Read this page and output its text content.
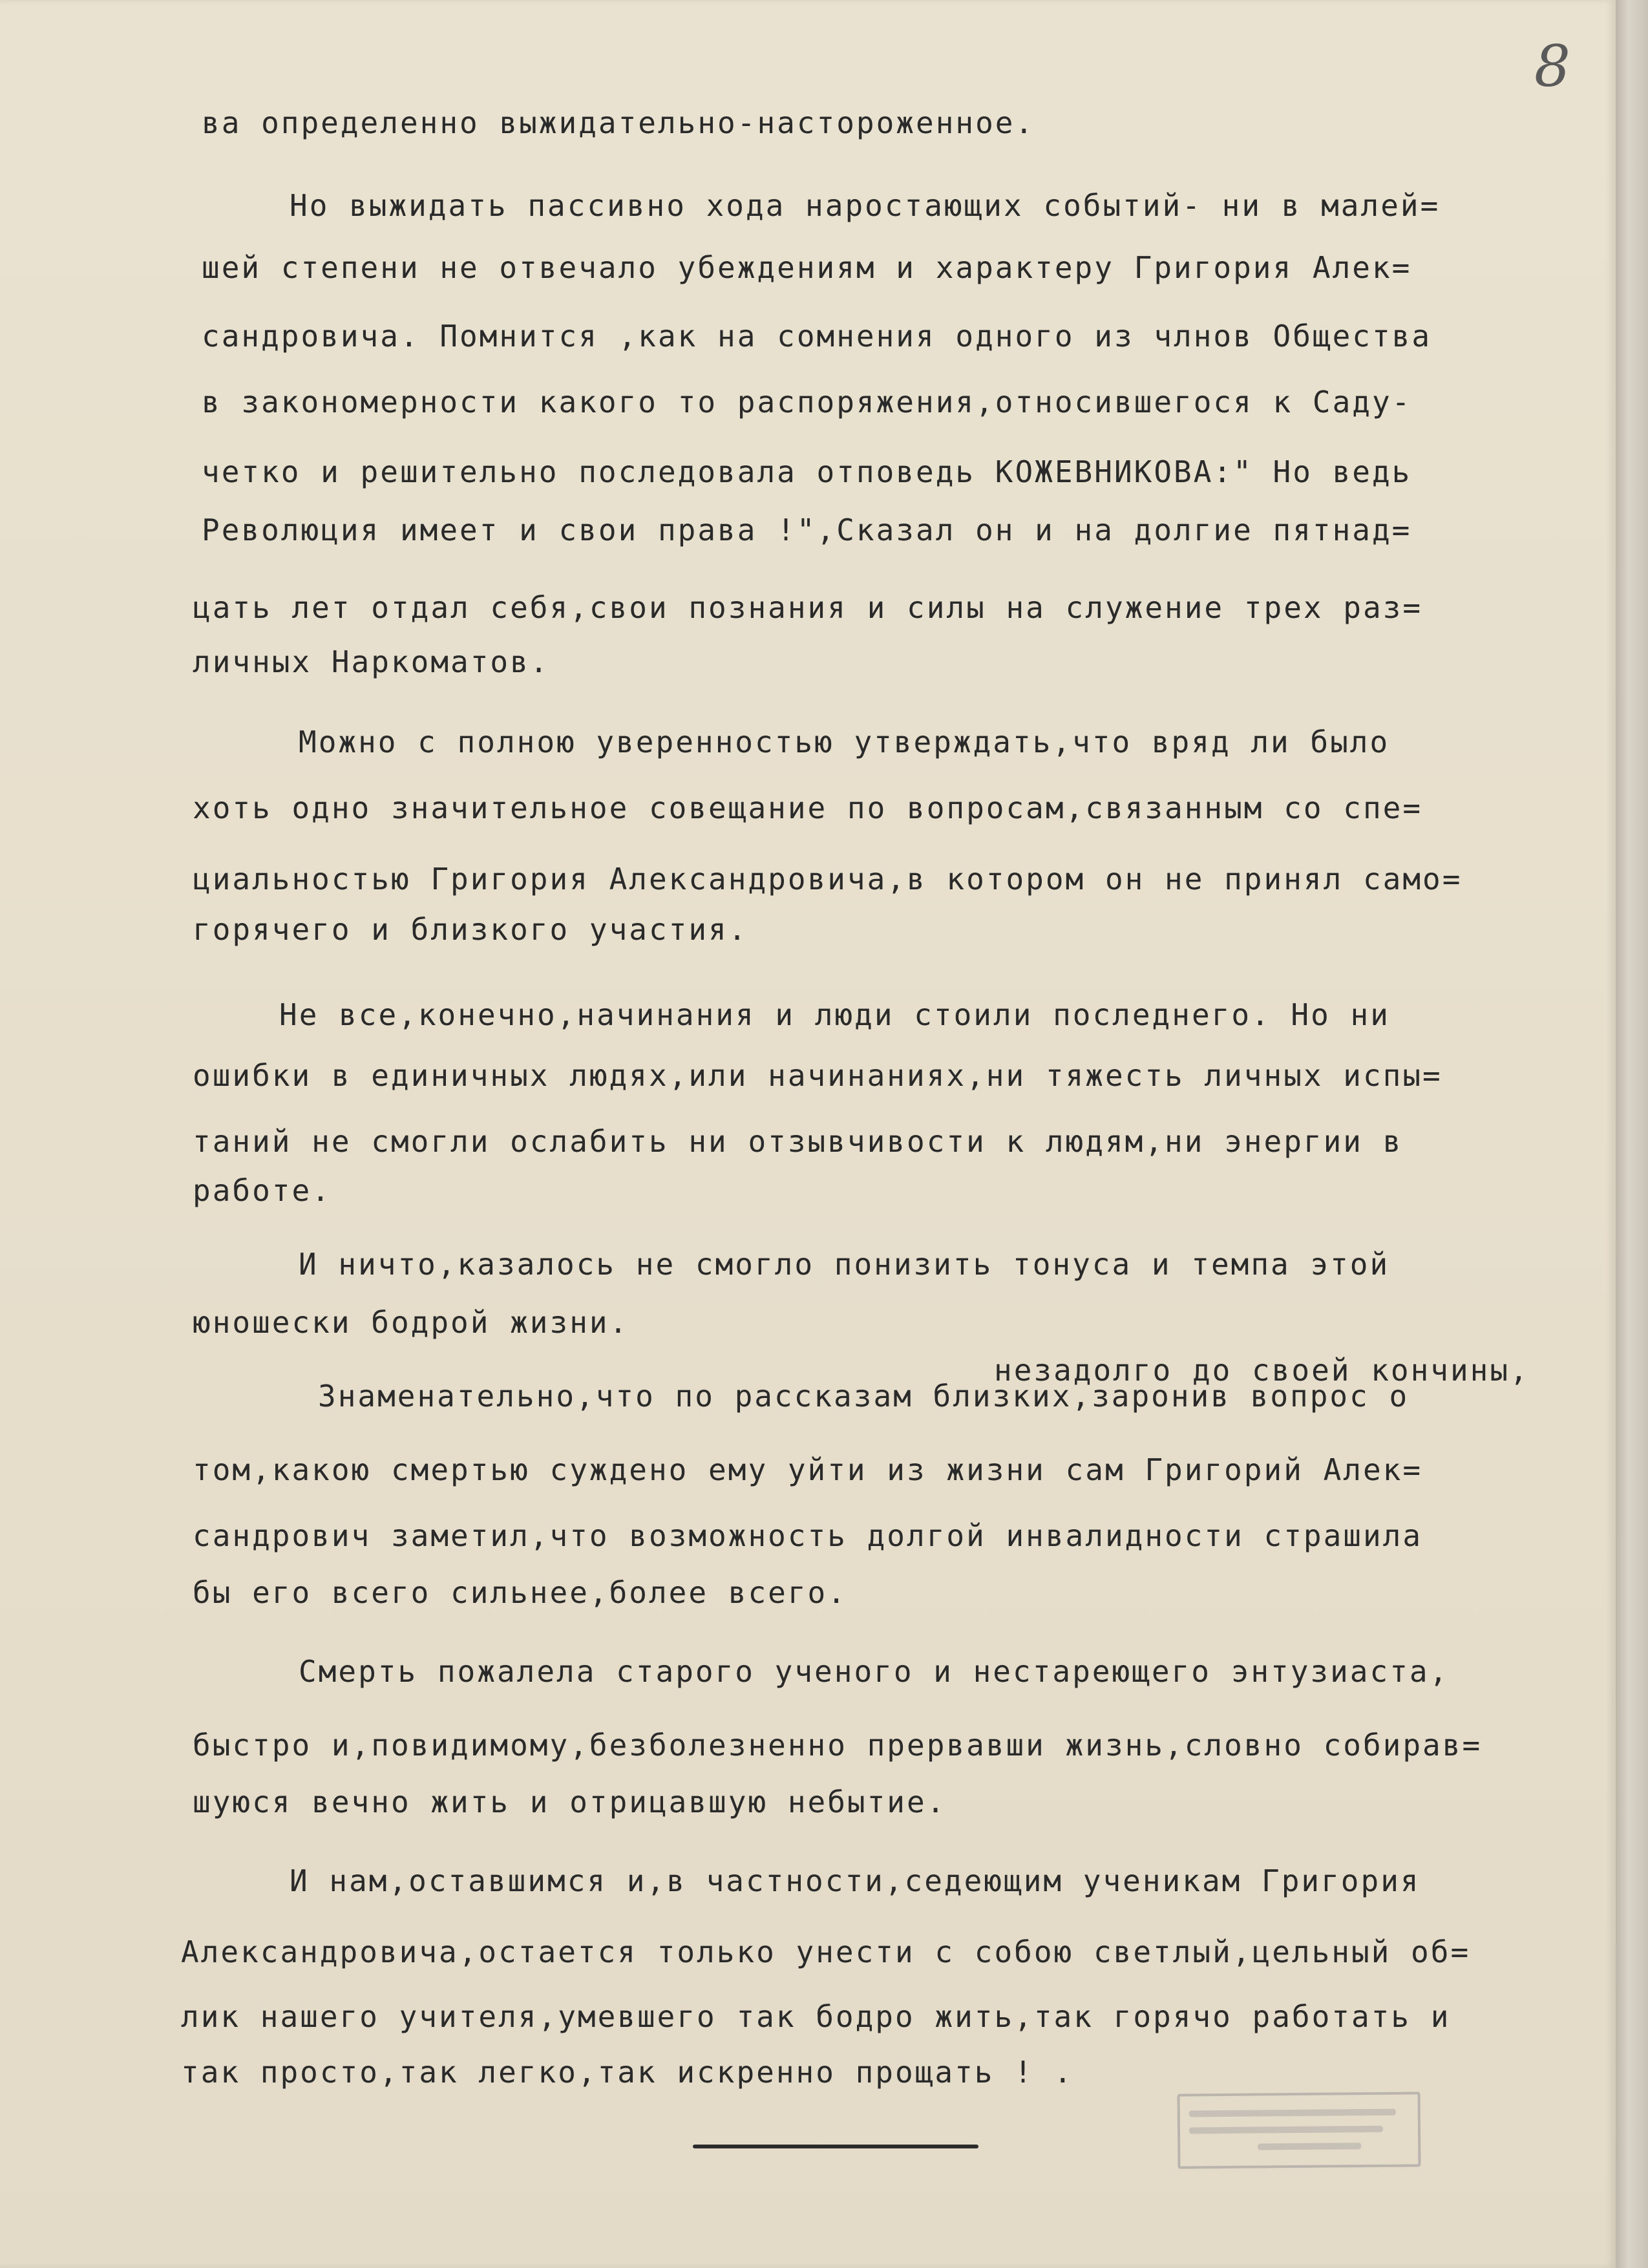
8
ва определенно выжидательно-настороженное.
Но выжидать пассивно хода наростающих событий- ни в малей=
шей степени не отвечало убеждениям и характеру Григория Алек=
сандровича. Помнится ,как на сомнения одного из члнов Общества
в закономерности какого то распоряжения,относившегося к Саду-
четко и решительно последовала отповедь КОЖЕВНИКОВА:" Но ведь
Революция имеет и свои права !",Сказал он и на долгие пятнад=
цать лет отдал себя,свои познания и силы на служение трех раз=
личных Наркоматов.
Можно с полною уверенностью утверждать,что вряд ли было
хоть одно значительное совещание по вопросам,связанным со спе=
циальностью Григория Александровича,в котором он не принял само=
горячего и близкого участия.
Не все,конечно,начинания и люди стоили последнего. Но ни
ошибки в единичных людях,или начинаниях,ни тяжесть личных испы=
таний не смогли ослабить ни отзывчивости к людям,ни энергии в
работе.
И ничто,казалось не смогло понизить тонуса и темпа этой
юношески бодрой жизни.
незадолго до своей кончины,
Знаменательно,что по рассказам близких,заронив вопрос о
том,какою смертью суждено ему уйти из жизни сам Григорий Алек=
сандрович заметил,что возможность долгой инвалидности страшила
бы его всего сильнее,более всего.
Смерть пожалела старого ученого и нестареющего энтузиаста,
быстро и,повидимому,безболезненно прервавши жизнь,словно собирав=
шуюся вечно жить и отрицавшую небытие.
И нам,оставшимся и,в частности,седеющим ученикам Григория
Александровича,остается только унести с собою светлый,цельный об=
лик нашего учителя,умевшего так бодро жить,так горячо работать и
так просто,так легко,так искренно прощать ! .
